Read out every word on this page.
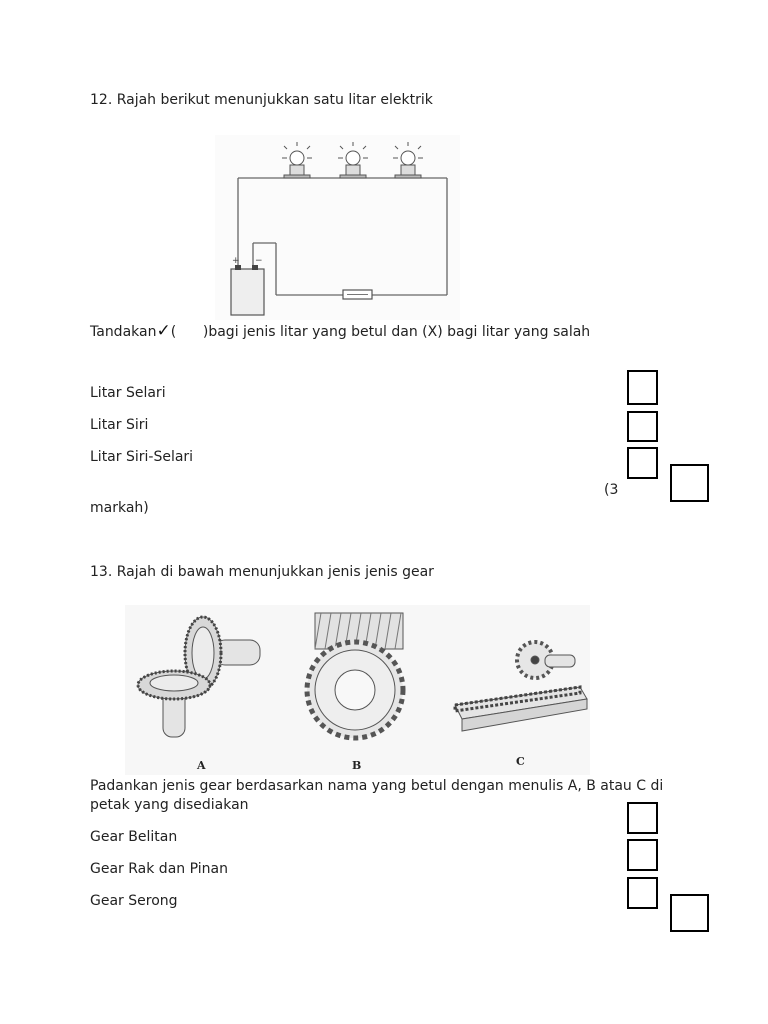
12. Rajah berikut menunjukkan satu litar elektrik
+ −
Tandakan✓(      )bagi jenis litar yang betul dan (X) bagi litar yang salah
Litar Selari
Litar Siri
Litar Siri-Selari
(3
markah)
13. Rajah di bawah menunjukkan jenis jenis gear
A	B	C
Padankan jenis gear berdasarkan nama yang betul dengan menulis A, B atau C di
petak yang disediakan
Gear Belitan
Gear Rak dan Pinan
Gear Serong
